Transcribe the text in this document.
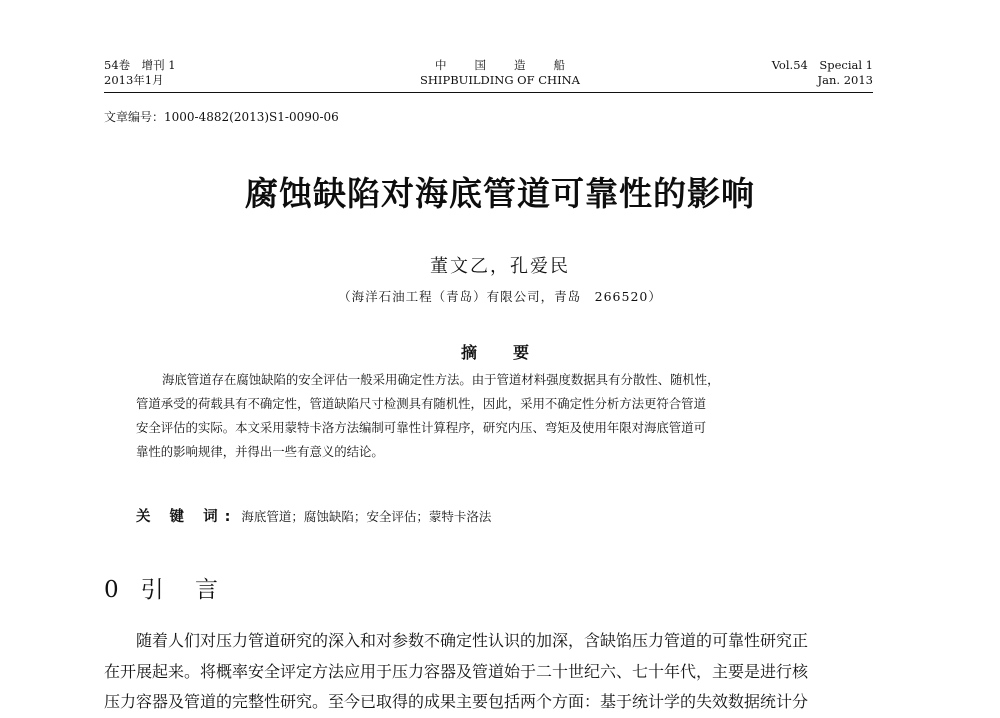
54卷　增刊 1
2013年1月
中 国 造 船
SHIPBUILDING OF CHINA
Vol.54　Special 1
Jan. 2013
文章编号：1000-4882(2013)S1-0090-06
腐蚀缺陷对海底管道可靠性的影响
董文乙，孔爱民
（海洋石油工程（青岛）有限公司，青岛　266520）
摘　要
海底管道存在腐蚀缺陷的安全评估一般采用确定性方法。由于管道材料强度数据具有分散性、随机性，
管道承受的荷载具有不确定性，管道缺陷尺寸检测具有随机性，因此，采用不确定性分析方法更符合管道
安全评估的实际。本文采用蒙特卡洛方法编制可靠性计算程序，研究内压、弯矩及使用年限对海底管道可
靠性的影响规律，并得出一些有意义的结论。
关 键 词: 海底管道；腐蚀缺陷；安全评估；蒙特卡洛法
0 引 言
随着人们对压力管道研究的深入和对参数不确定性认识的加深，含缺馅压力管道的可靠性研究正
在开展起来。将概率安全评定方法应用于压力容器及管道始于二十世纪六、七十年代，主要是进行核
压力容器及管道的完整性研究。至今已取得的成果主要包括两个方面：基于统计学的失效数据统计分
